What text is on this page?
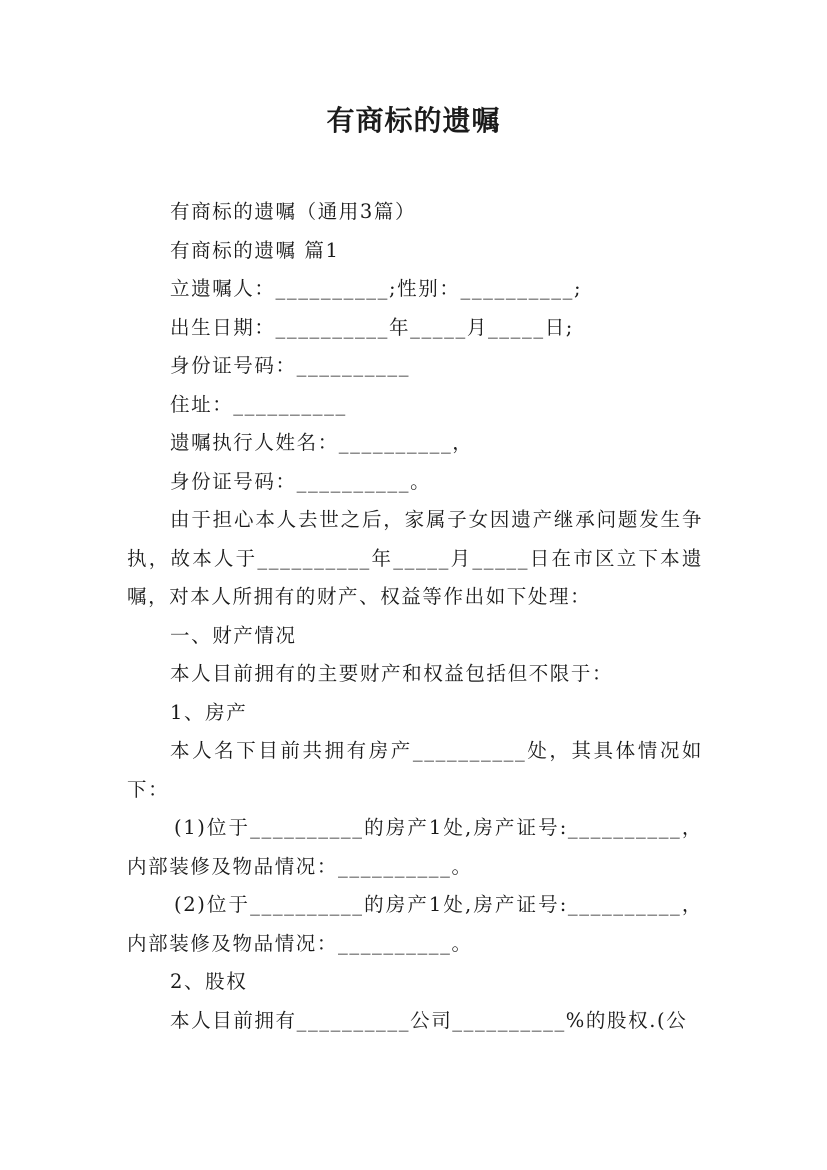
有商标的遗嘱

有商标的遗嘱（通用3篇）

有商标的遗嘱 篇1

立遗嘱人：__________;性别：__________;

出生日期：__________年_____月_____日;

身份证号码：__________

住址：__________

遗嘱执行人姓名：__________，

身份证号码：__________。

由于担心本人去世之后，家属子女因遗产继承问题发生争执，故本人于__________年_____月_____日在市区立下本遗嘱，对本人所拥有的财产、权益等作出如下处理：

一、财产情况

本人目前拥有的主要财产和权益包括但不限于：

1、房产

本人名下目前共拥有房产__________处，其具体情况如下：

(1)位于__________的房产1处,房产证号:__________，内部装修及物品情况：__________。

(2)位于__________的房产1处,房产证号:__________，内部装修及物品情况：__________。

2、股权

本人目前拥有__________公司__________%的股权.(公
